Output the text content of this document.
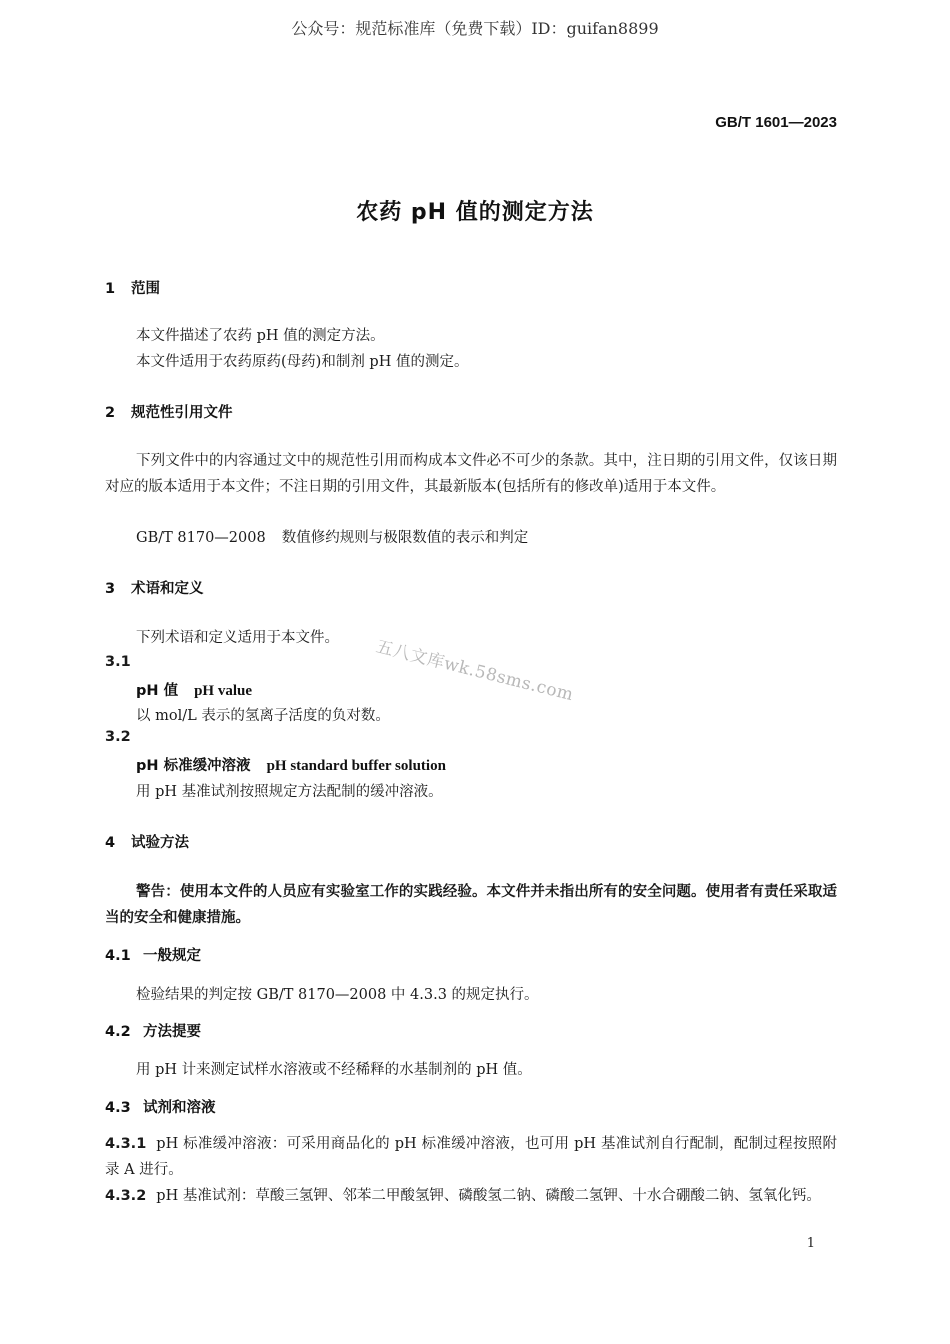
公众号：规范标准库（免费下载）ID：guifan8899
GB/T 1601—2023
农药 pH 值的测定方法
1 范围
本文件描述了农药 pH 值的测定方法。
本文件适用于农药原药(母药)和制剂 pH 值的测定。
2 规范性引用文件
下列文件中的内容通过文中的规范性引用而构成本文件必不可少的条款。其中，注日期的引用文件，仅该日期对应的版本适用于本文件；不注日期的引用文件，其最新版本(包括所有的修改单)适用于本文件。
GB/T 8170—2008 数值修约规则与极限数值的表示和判定
3 术语和定义
下列术语和定义适用于本文件。
3.1
pH 值 pH value
以 mol/L 表示的氢离子活度的负对数。
3.2
pH 标准缓冲溶液 pH standard buffer solution
用 pH 基准试剂按照规定方法配制的缓冲溶液。
4 试验方法
警告：使用本文件的人员应有实验室工作的实践经验。本文件并未指出所有的安全问题。使用者有责任采取适当的安全和健康措施。
4.1 一般规定
检验结果的判定按 GB/T 8170—2008 中 4.3.3 的规定执行。
4.2 方法提要
用 pH 计来测定试样水溶液或不经稀释的水基制剂的 pH 值。
4.3 试剂和溶液
4.3.1 pH 标准缓冲溶液：可采用商品化的 pH 标准缓冲溶液，也可用 pH 基准试剂自行配制，配制过程按照附录 A 进行。
4.3.2 pH 基准试剂：草酸三氢钾、邻苯二甲酸氢钾、磷酸氢二钠、磷酸二氢钾、十水合硼酸二钠、氢氧化钙。
五八文库wk.58sms.com
1
